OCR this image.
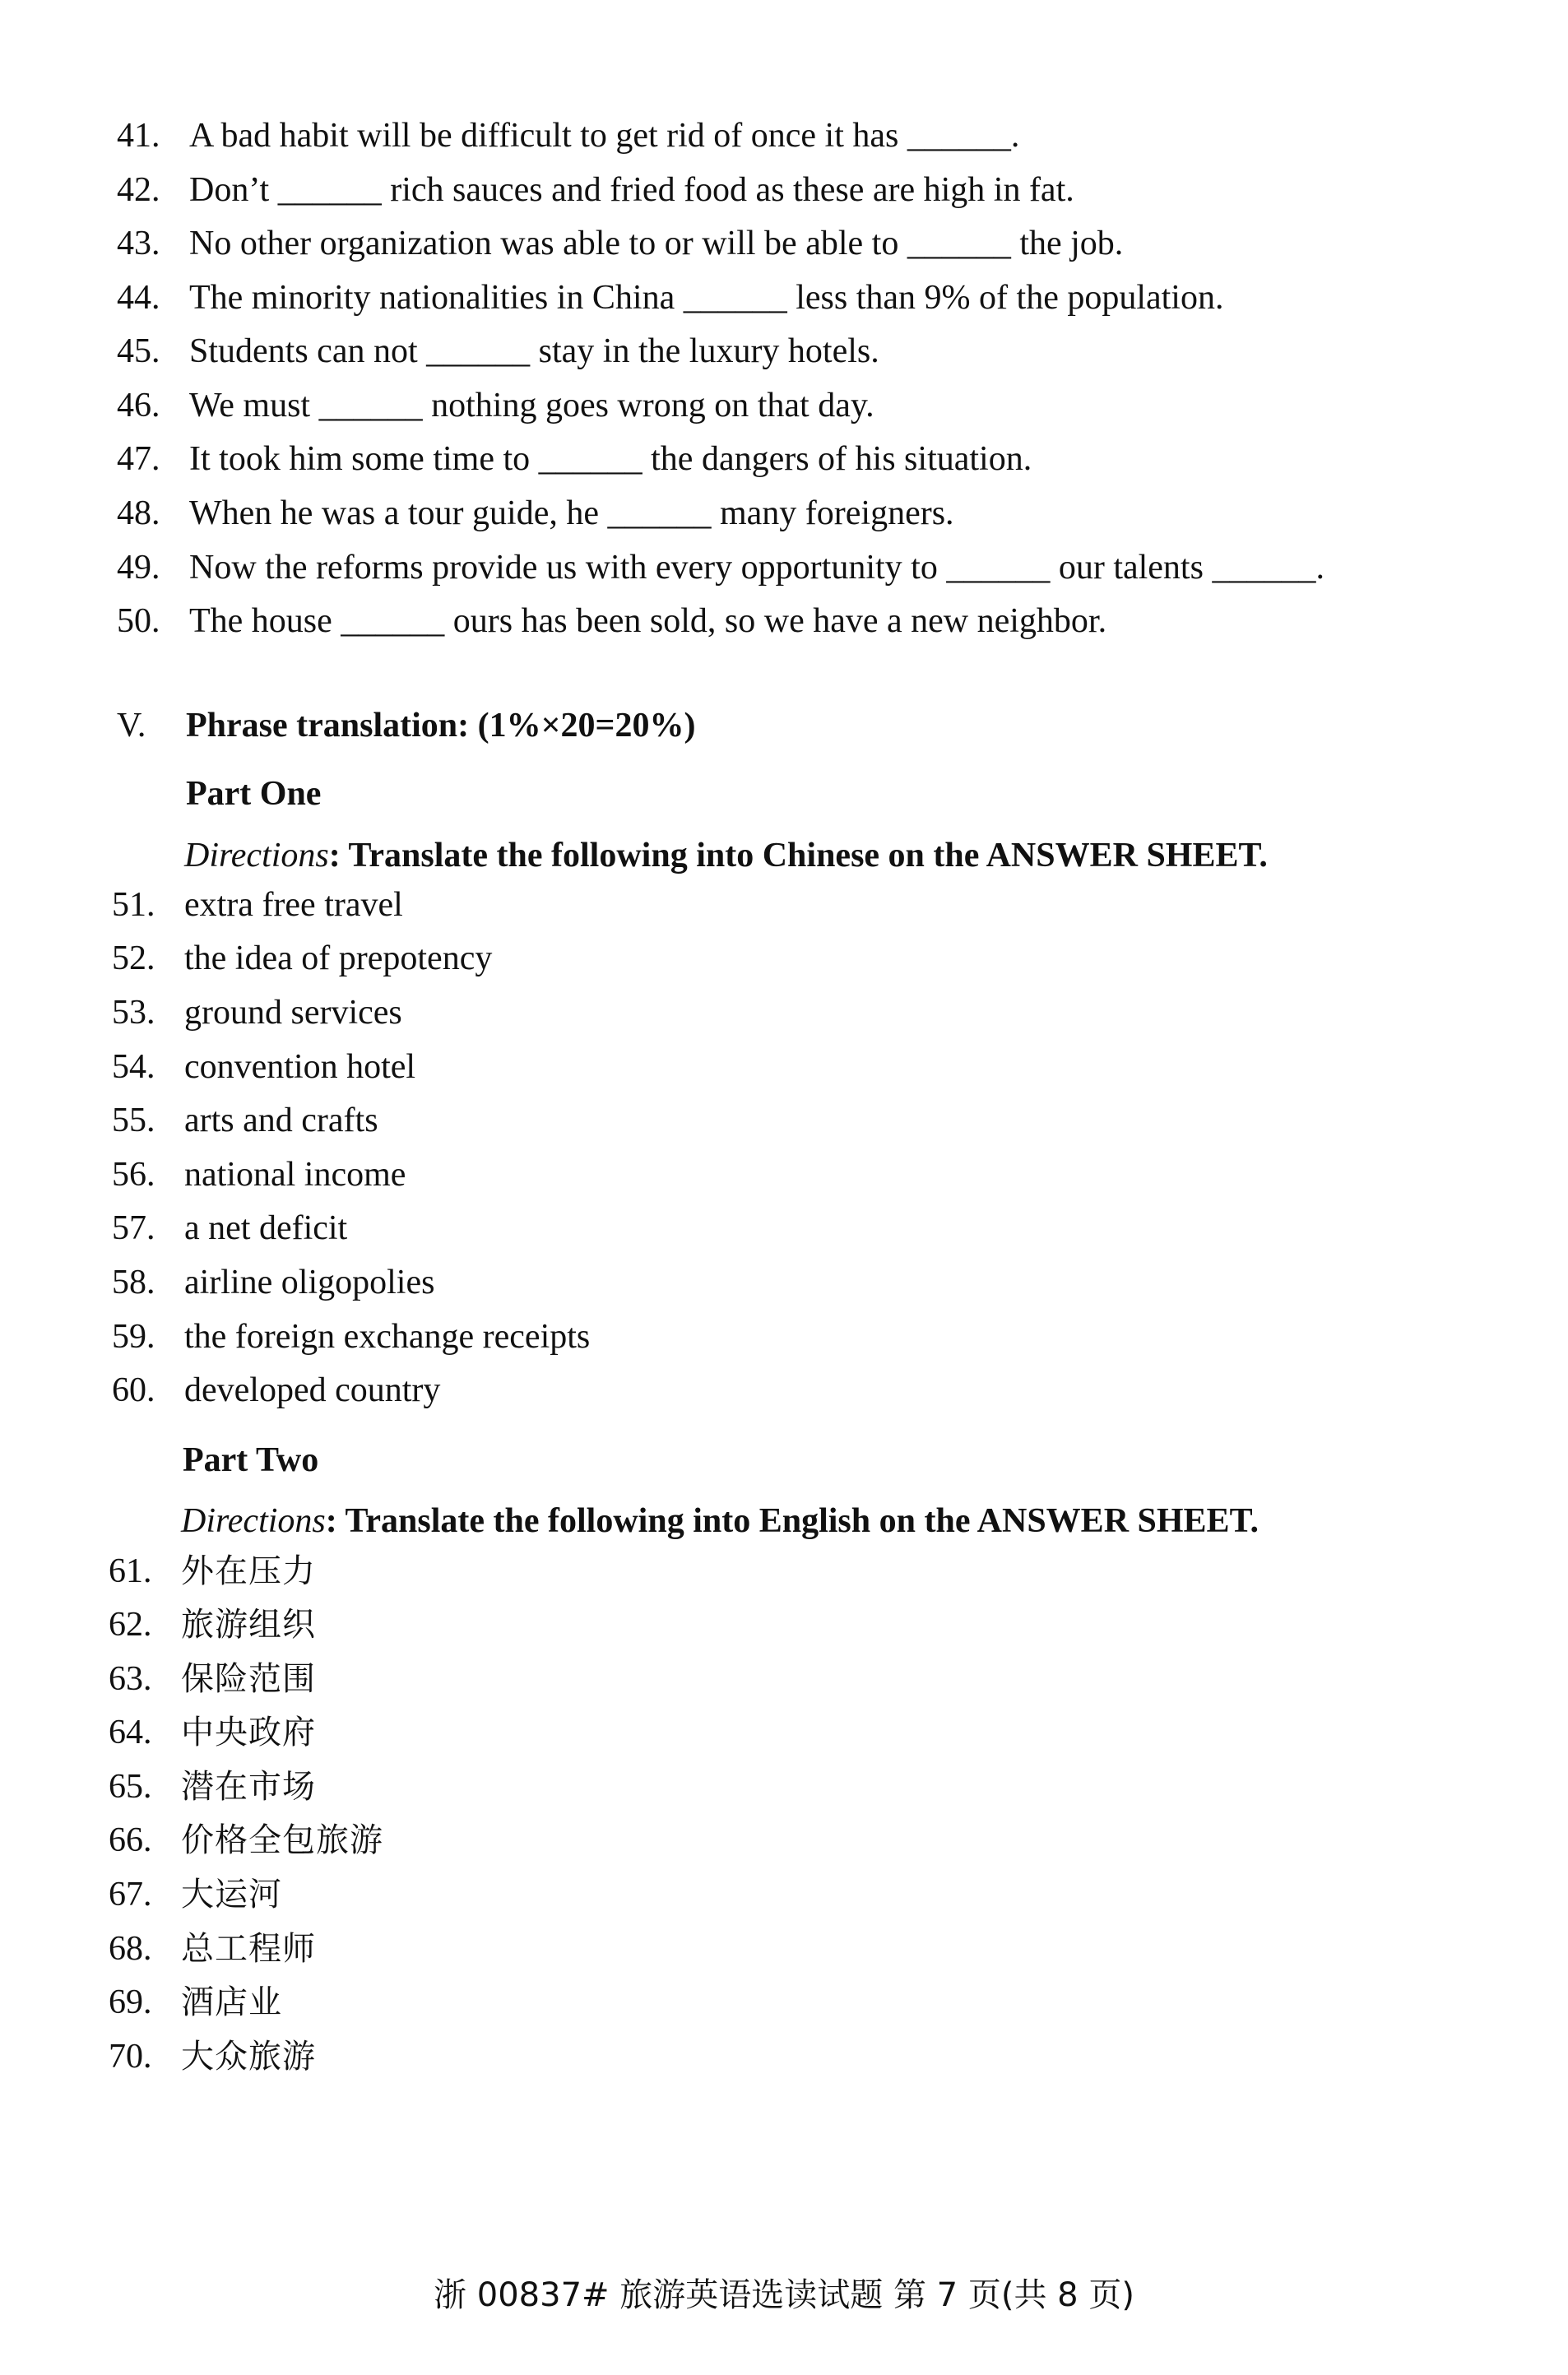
41. A bad habit will be difficult to get rid of once it has ______.
42. Don’t ______ rich sauces and fried food as these are high in fat.
43. No other organization was able to or will be able to ______ the job.
44. The minority nationalities in China ______ less than 9% of the population.
45. Students can not ______ stay in the luxury hotels.
46. We must ______ nothing goes wrong on that day.
47. It took him some time to ______ the dangers of his situation.
48. When he was a tour guide, he ______ many foreigners.
49. Now the reforms provide us with every opportunity to ______ our talents ______.
50. The house ______ ours has been sold, so we have a new neighbor.
V. Phrase translation: (1%×20=20%)
Part One
Directions: Translate the following into Chinese on the ANSWER SHEET.
51. extra free travel
52. the idea of prepotency
53. ground services
54. convention hotel
55. arts and crafts
56. national income
57. a net deficit
58. airline oligopolies
59. the foreign exchange receipts
60. developed country
Part Two
Directions: Translate the following into English on the ANSWER SHEET.
61. 外在压力
62. 旅游组织
63. 保险范围
64. 中央政府
65. 潜在市场
66. 价格全包旅游
67. 大运河
68. 总工程师
69. 酒店业
70. 大众旅游
浙 00837# 旅游英语选读试题 第 7 页(共 8 页)
